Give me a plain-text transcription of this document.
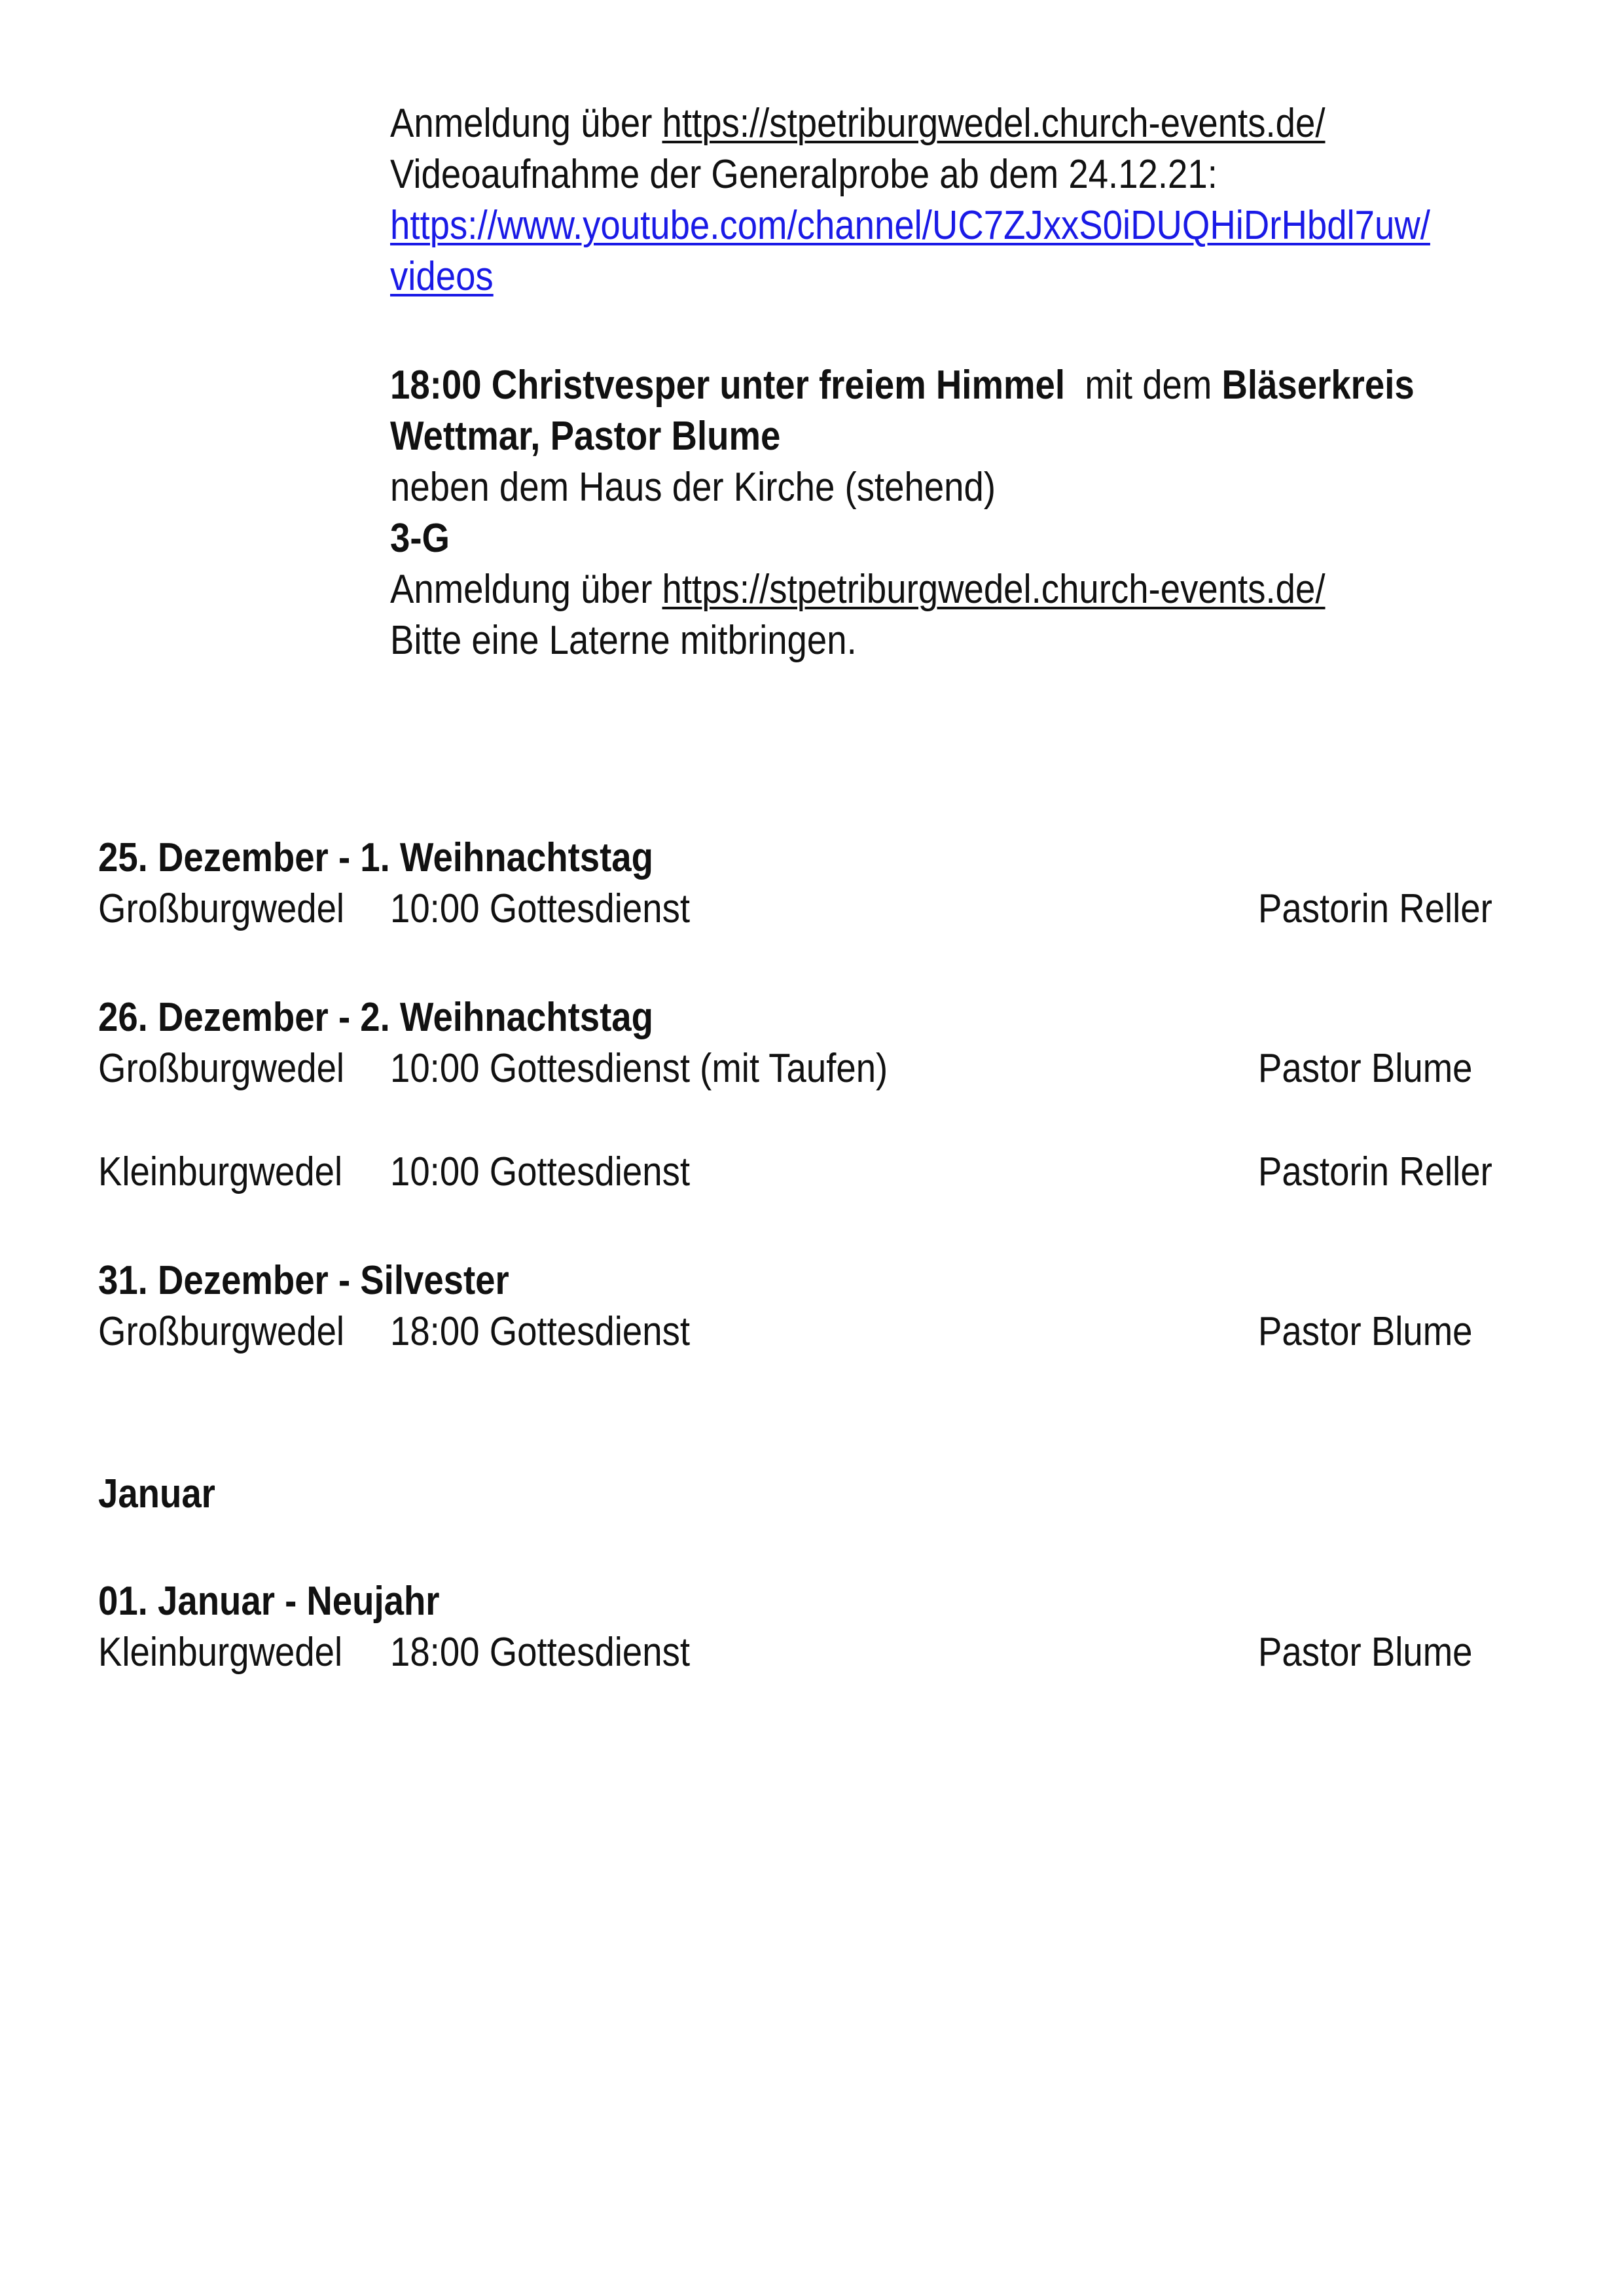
Anmeldung über https://stpetriburgwedel.church-events.de/
Videoaufnahme der Generalprobe ab dem 24.12.21:
https://www.youtube.com/channel/UC7ZJxxS0iDUQHiDrHbdl7uw/
videos
18:00 Christvesper unter freiem Himmel  mit dem Bläserkreis
Wettmar, Pastor Blume
neben dem Haus der Kirche (stehend)
3-G
Anmeldung über https://stpetriburgwedel.church-events.de/
Bitte eine Laterne mitbringen.
25. Dezember - 1. Weihnachtstag
Großburgwedel 10:00 Gottesdienst	Pastorin Reller
26. Dezember - 2. Weihnachtstag
Großburgwedel 10:00 Gottesdienst (mit Taufen)	Pastor Blume
Kleinburgwedel 10:00 Gottesdienst	Pastorin Reller
31. Dezember - Silvester
Großburgwedel 18:00 Gottesdienst	Pastor Blume
Januar
01. Januar - Neujahr
Kleinburgwedel 18:00 Gottesdienst	Pastor Blume
